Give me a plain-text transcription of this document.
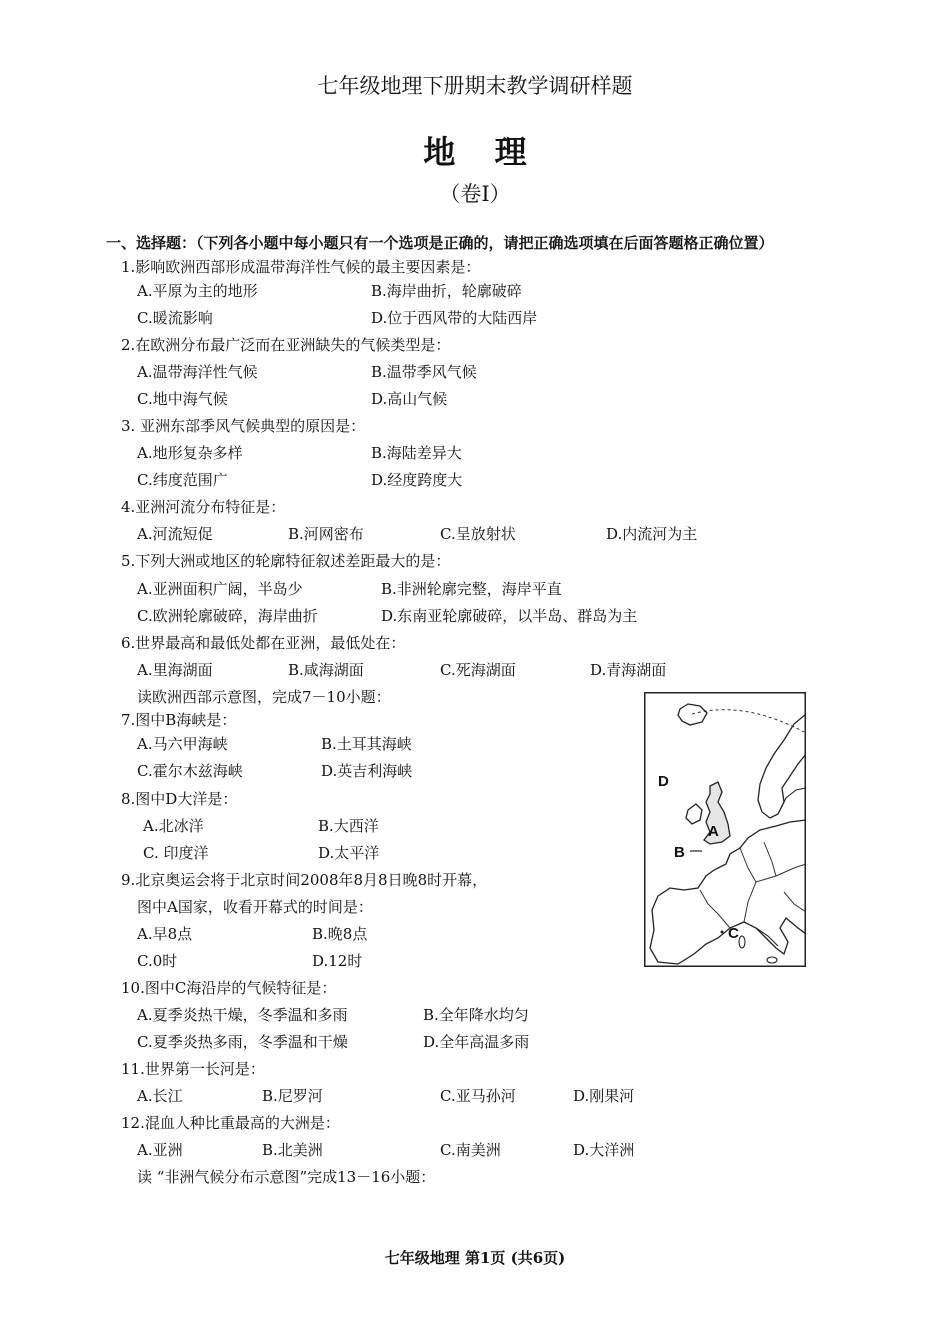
七年级地理下册期末教学调研样题
地 理
（卷Ⅰ）
一、选择题：（下列各小题中每小题只有一个选项是正确的，请把正确选项填在后面答题格正确位置）
1.影响欧洲西部形成温带海洋性气候的最主要因素是：
A.平原为主的地形	B.海岸曲折，轮廓破碎
C.暖流影响	D.位于西风带的大陆西岸
2.在欧洲分布最广泛而在亚洲缺失的气候类型是：
A.温带海洋性气候	B.温带季风气候
C.地中海气候	D.高山气候
3. 亚洲东部季风气候典型的原因是：
A.地形复杂多样	B.海陆差异大
C.纬度范围广	D.经度跨度大
4.亚洲河流分布特征是：
A.河流短促	B.河网密布	C.呈放射状	D.内流河为主
5.下列大洲或地区的轮廓特征叙述差距最大的是：
A.亚洲面积广阔，半岛少	B.非洲轮廓完整，海岸平直
C.欧洲轮廓破碎，海岸曲折	D.东南亚轮廓破碎，以半岛、群岛为主
6.世界最高和最低处都在亚洲，最低处在：
A.里海湖面	B.咸海湖面	C.死海湖面	D.青海湖面
读欧洲西部示意图，完成7－10小题：
7.图中B海峡是：
A.马六甲海峡	B.土耳其海峡
C.霍尔木兹海峡	D.英吉利海峡
8.图中D大洋是：
A.北冰洋	B.大西洋
C. 印度洋	D.太平洋
9.北京奥运会将于北京时间2008年8月8日晚8时开幕，
图中A国家，收看开幕式的时间是：
A.早8点	B.晚8点
C.0时	D.12时
10.图中C海沿岸的气候特征是：
A.夏季炎热干燥，冬季温和多雨	B.全年降水均匀
C.夏季炎热多雨，冬季温和干燥	D.全年高温多雨
11.世界第一长河是：
A.长江	B.尼罗河	C.亚马孙河	D.刚果河
12.混血人种比重最高的大洲是：
A.亚洲	B.北美洲	C.南美洲	D.大洋洲
读 “非洲气候分布示意图”完成13－16小题：
D
A
B
C
七年级地理 第1页 (共6页)
